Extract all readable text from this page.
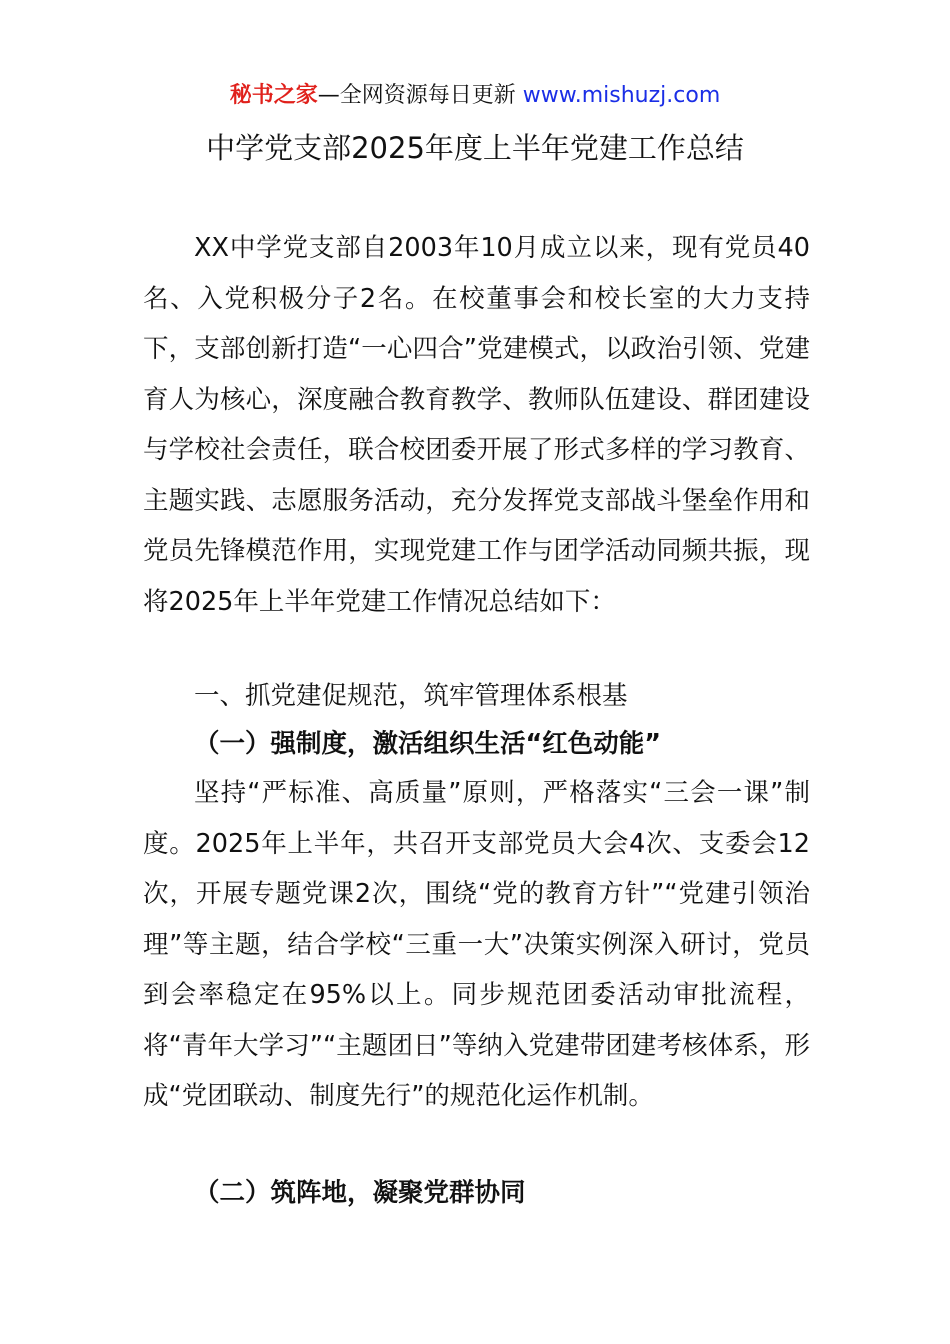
秘书之家—全网资源每日更新 www.mishuzj.com
中学党支部2025年度上半年党建工作总结

XX中学党支部自2003年10月成立以来，现有党员40名、入党积极分子2名。在校董事会和校长室的大力支持下，支部创新打造“一心四合”党建模式，以政治引领、党建育人为核心，深度融合教育教学、教师队伍建设、群团建设与学校社会责任，联合校团委开展了形式多样的学习教育、主题实践、志愿服务活动，充分发挥党支部战斗堡垒作用和党员先锋模范作用，实现党建工作与团学活动同频共振，现将2025年上半年党建工作情况总结如下：

一、抓党建促规范，筑牢管理体系根基

（一）强制度，激活组织生活“红色动能”

坚持“严标准、高质量”原则，严格落实“三会一课”制度。2025年上半年，共召开支部党员大会4次、支委会12次，开展专题党课2次，围绕“党的教育方针”“党建引领治理”等主题，结合学校“三重一大”决策实例深入研讨，党员到会率稳定在95%以上。同步规范团委活动审批流程，将“青年大学习”“主题团日”等纳入党建带团建考核体系，形成“党团联动、制度先行”的规范化运作机制。

（二）筑阵地，凝聚党群协同
